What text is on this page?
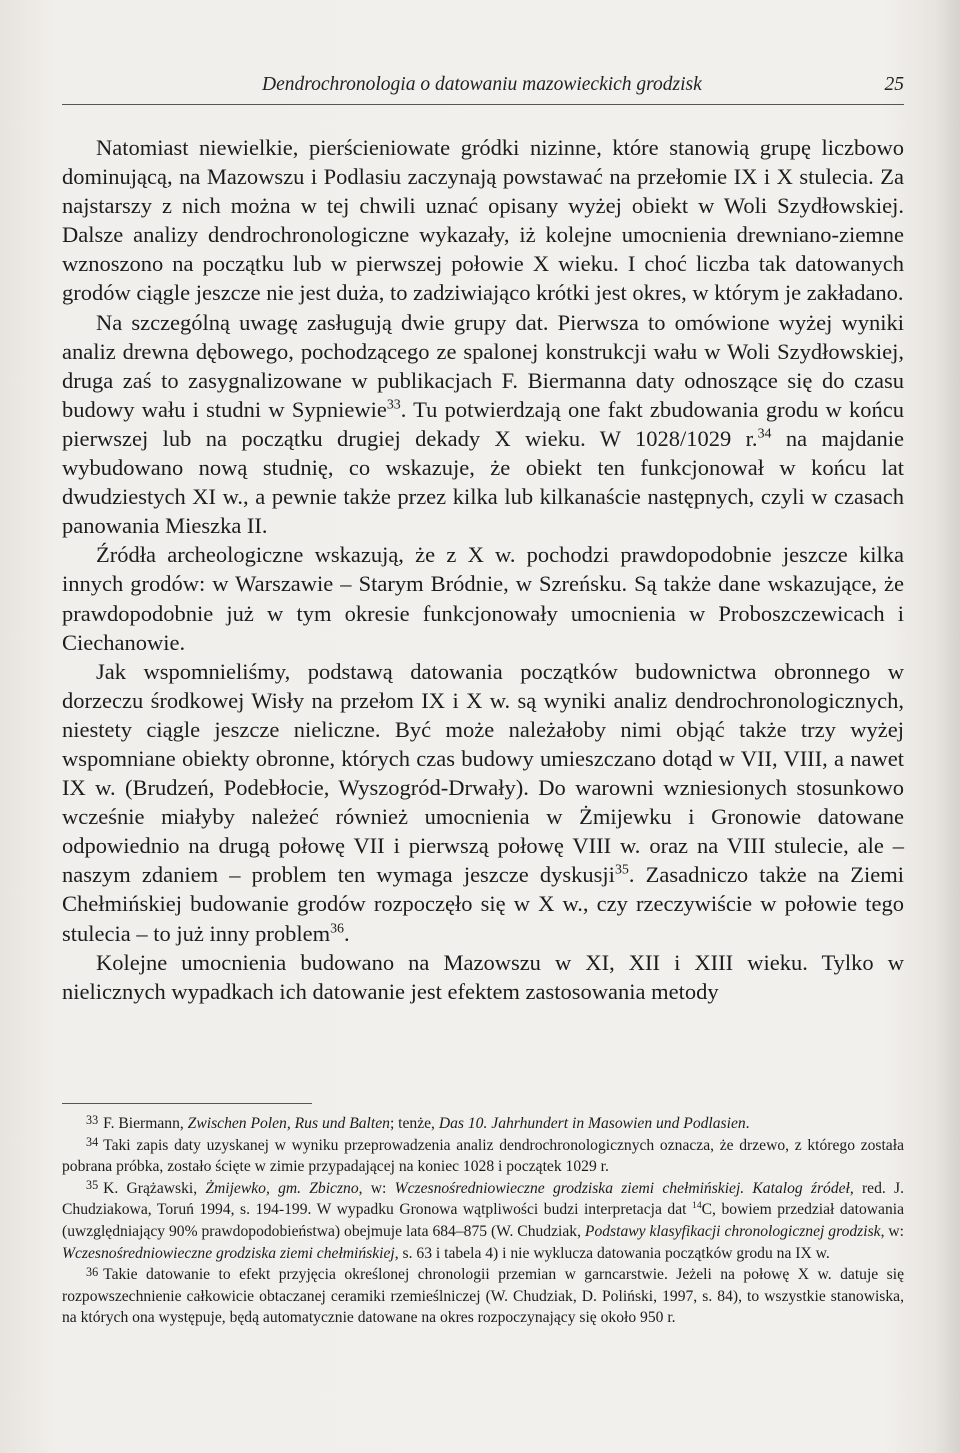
Dendrochronologia o datowaniu mazowieckich grodzisk	25

Natomiast niewielkie, pierścieniowate gródki nizinne, które stanowią grupę liczbowo dominującą, na Mazowszu i Podlasiu zaczynają powstawać na przełomie IX i X stulecia. Za najstarszy z nich można w tej chwili uznać opisany wyżej obiekt w Woli Szydłowskiej. Dalsze analizy dendrochronologiczne wykazały, iż kolejne umocnienia drewniano-ziemne wznoszono na początku lub w pierwszej połowie X wieku. I choć liczba tak datowanych grodów ciągle jeszcze nie jest duża, to zadziwiająco krótki jest okres, w którym je zakładano.

Na szczególną uwagę zasługują dwie grupy dat. Pierwsza to omówione wyżej wyniki analiz drewna dębowego, pochodzącego ze spalonej konstrukcji wału w Woli Szydłowskiej, druga zaś to zasygnalizowane w publikacjach F. Biermanna daty odnoszące się do czasu budowy wału i studni w Sypniewie$^{33}$. Tu potwierdzają one fakt zbudowania grodu w końcu pierwszej lub na początku drugiej dekady X wieku. W 1028/1029 r.$^{34}$ na majdanie wybudowano nową studnię, co wskazuje, że obiekt ten funkcjonował w końcu lat dwudziestych XI w., a pewnie także przez kilka lub kilkanaście następnych, czyli w czasach panowania Mieszka II.

Źródła archeologiczne wskazują, że z X w. pochodzi prawdopodobnie jeszcze kilka innych grodów: w Warszawie – Starym Bródnie, w Szreńsku. Są także dane wskazujące, że prawdopodobnie już w tym okresie funkcjonowały umocnienia w Proboszczewicach i Ciechanowie.

Jak wspomnieliśmy, podstawą datowania początków budownictwa obronnego w dorzeczu środkowej Wisły na przełom IX i X w. są wyniki analiz dendrochronologicznych, niestety ciągle jeszcze nieliczne. Być może należałoby nimi objąć także trzy wyżej wspomniane obiekty obronne, których czas budowy umieszczano dotąd w VII, VIII, a nawet IX w. (Brudzeń, Podebłocie, Wyszogród-Drwały). Do warowni wzniesionych stosunkowo wcześnie miałyby należeć również umocnienia w Żmijewku i Gronowie datowane odpowiednio na drugą połowę VII i pierwszą połowę VIII w. oraz na VIII stulecie, ale – naszym zdaniem – problem ten wymaga jeszcze dyskusji$^{35}$. Zasadniczo także na Ziemi Chełmińskiej budowanie grodów rozpoczęło się w X w., czy rzeczywiście w połowie tego stulecia – to już inny problem$^{36}$.

Kolejne umocnienia budowano na Mazowszu w XI, XII i XIII wieku. Tylko w nielicznych wypadkach ich datowanie jest efektem zastosowania metody

$^{33}$ F. Biermann, Zwischen Polen, Rus und Balten; tenże, Das 10. Jahrhundert in Masowien und Podlasien.

$^{34}$ Taki zapis daty uzyskanej w wyniku przeprowadzenia analiz dendrochronologicznych oznacza, że drzewo, z którego została pobrana próbka, zostało ścięte w zimie przypadającej na koniec 1028 i początek 1029 r.

$^{35}$ K. Grążawski, Żmijewko, gm. Zbiczno, w: Wczesnośredniowieczne grodziska ziemi chełmińskiej. Katalog źródeł, red. J. Chudziakowa, Toruń 1994, s. 194-199. W wypadku Gronowa wątpliwości budzi interpretacja dat $^{14}$C, bowiem przedział datowania (uwzględniający 90% prawdopodobieństwa) obejmuje lata 684–875 (W. Chudziak, Podstawy klasyfikacji chronologicznej grodzisk, w: Wczesnośredniowieczne grodziska ziemi chełmińskiej, s. 63 i tabela 4) i nie wyklucza datowania początków grodu na IX w.

$^{36}$ Takie datowanie to efekt przyjęcia określonej chronologii przemian w garncarstwie. Jeżeli na połowę X w. datuje się rozpowszechnienie całkowicie obtaczanej ceramiki rzemieślniczej (W. Chudziak, D. Poliński, 1997, s. 84), to wszystkie stanowiska, na których ona występuje, będą automatycznie datowane na okres rozpoczynający się około 950 r.
